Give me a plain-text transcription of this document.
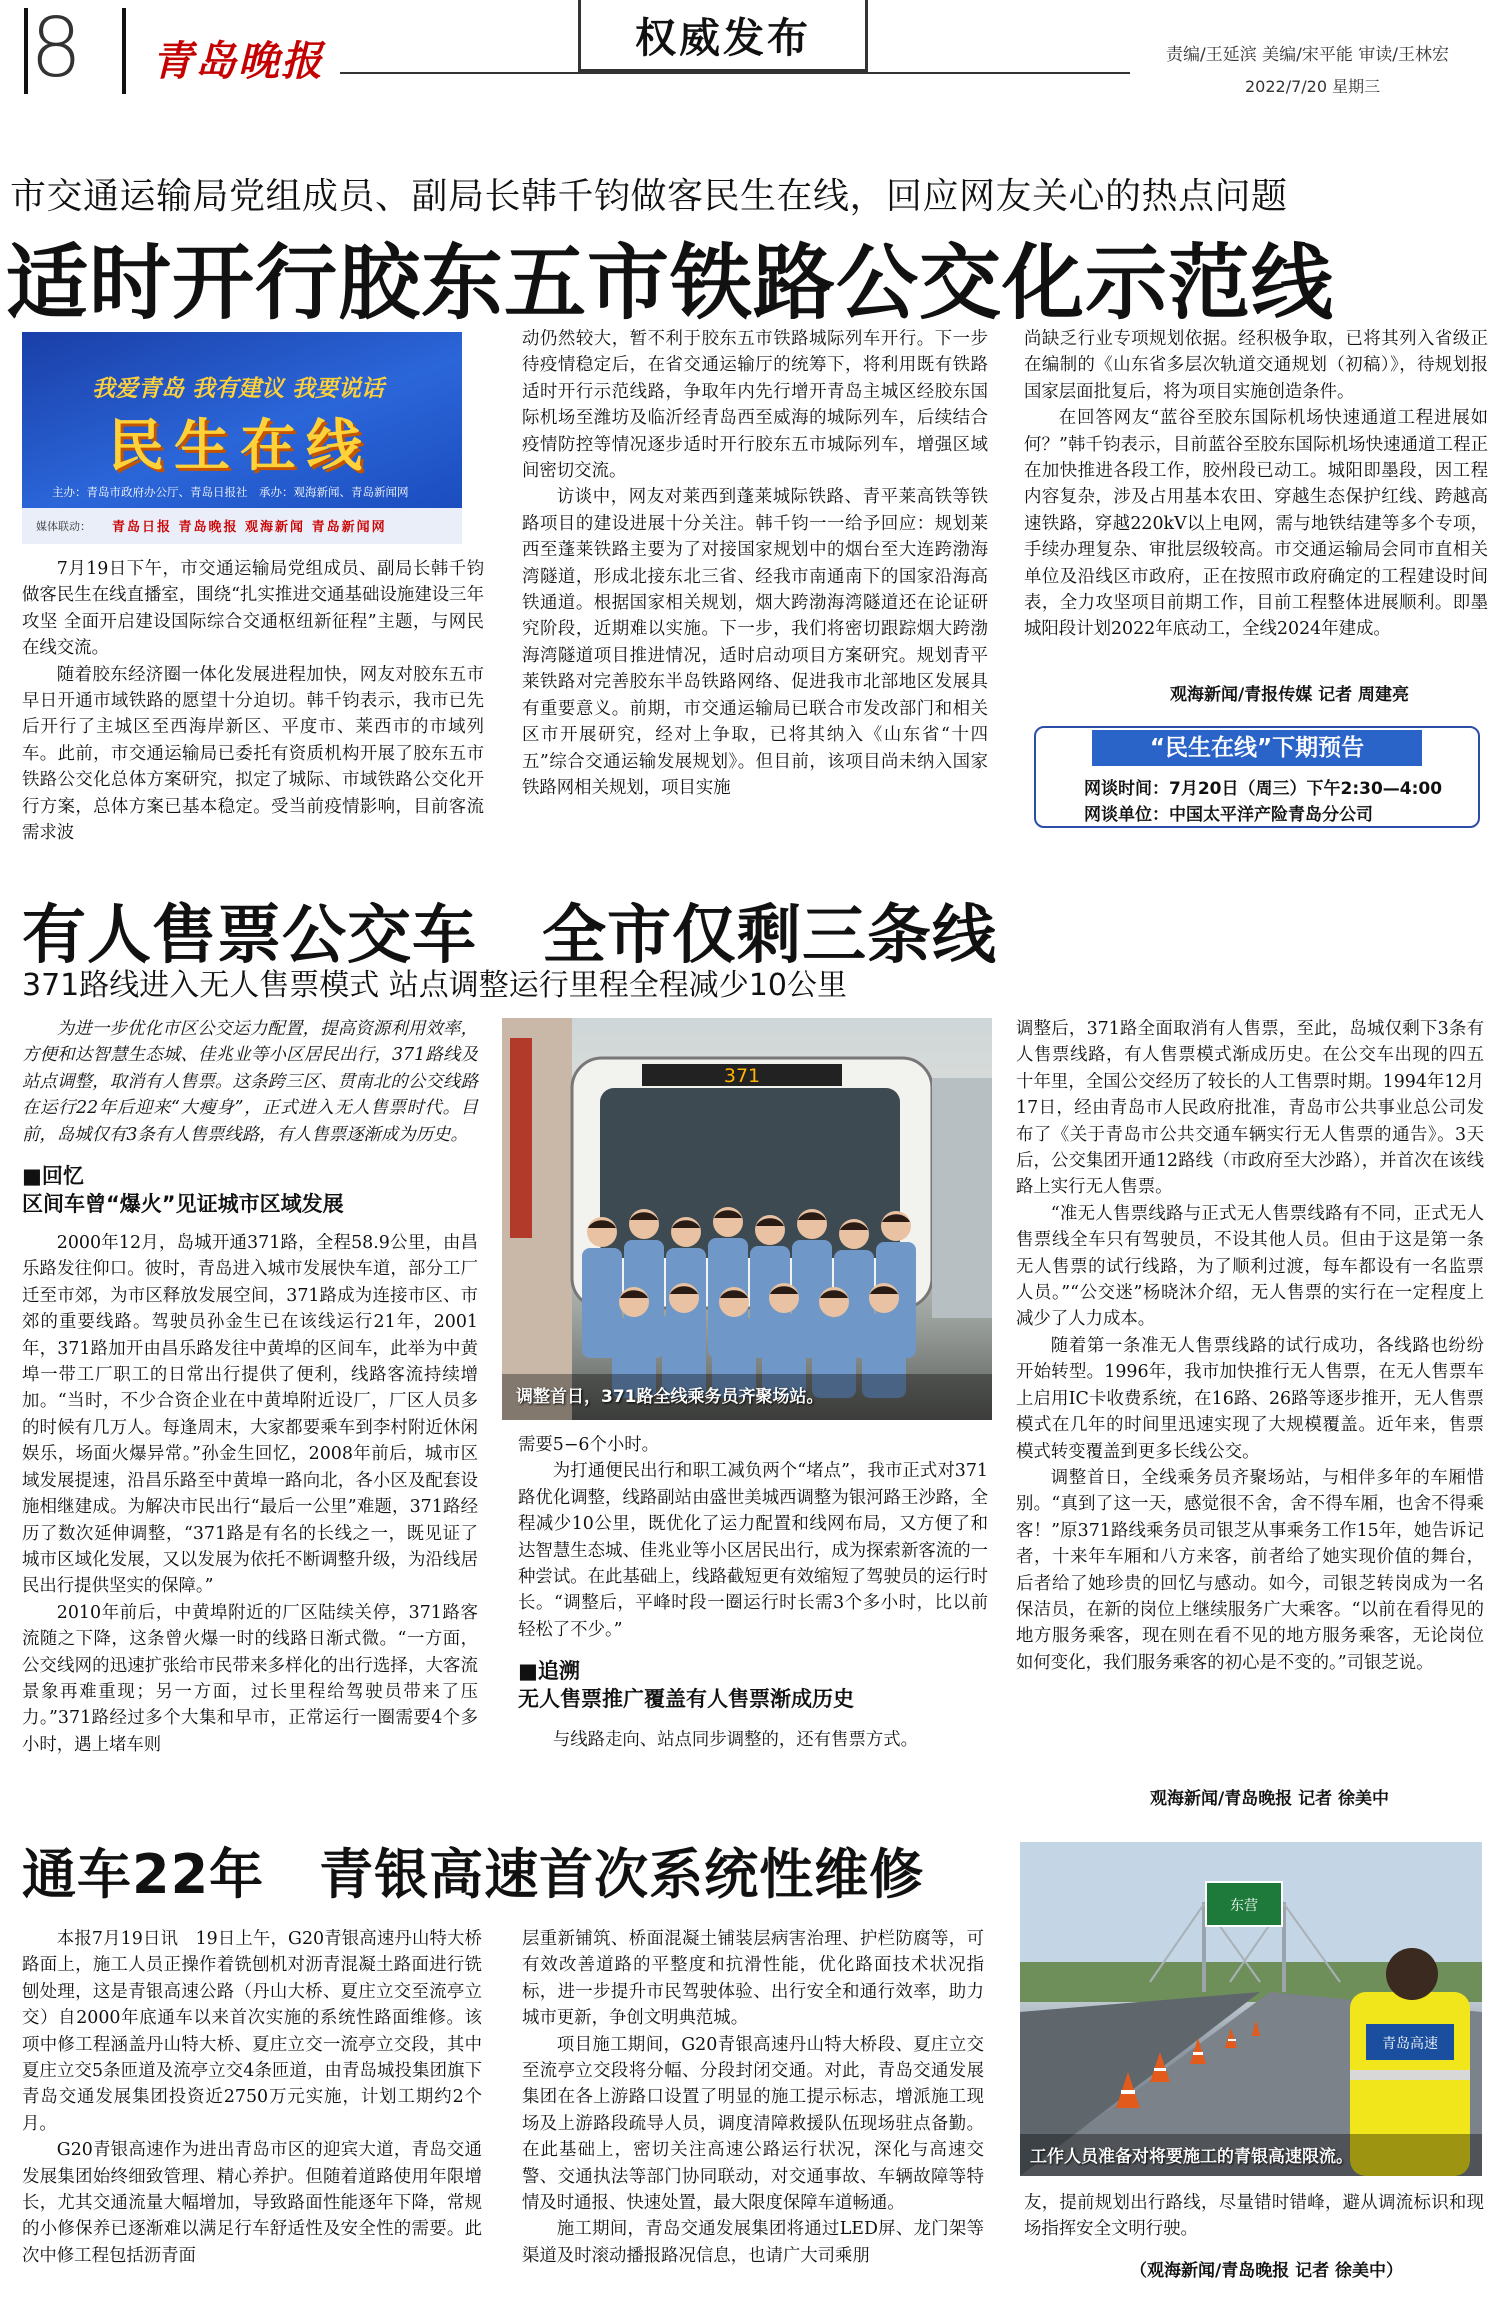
8 青岛晚报	权威发布	责编/王延滨 美编/宋平能 审读/王林宏
2022/7/20 星期三
市交通运输局党组成员、副局长韩千钧做客民生在线，回应网友关心的热点问题
适时开行胶东五市铁路公交化示范线
我爱青岛 我有建议 我要说话
民生在线
主办：青岛市政府办公厅、青岛日报社　承办：观海新闻、青岛新闻网
媒体联动： 青岛日报 青岛晚报 观海新闻 青岛新闻网

7月19日下午，市交通运输局党组成员、副局长韩千钧做客民生在线直播室，围绕“扎实推进交通基础设施建设三年攻坚 全面开启建设国际综合交通枢纽新征程”主题，与网民在线交流。

随着胶东经济圈一体化发展进程加快，网友对胶东五市早日开通市域铁路的愿望十分迫切。韩千钧表示，我市已先后开行了主城区至西海岸新区、平度市、莱西市的市域列车。此前，市交通运输局已委托有资质机构开展了胶东五市铁路公交化总体方案研究，拟定了城际、市域铁路公交化开行方案，总体方案已基本稳定。受当前疫情影响，目前客流需求波

动仍然较大，暂不利于胶东五市铁路城际列车开行。下一步待疫情稳定后，在省交通运输厅的统筹下，将利用既有铁路适时开行示范线路，争取年内先行增开青岛主城区经胶东国际机场至潍坊及临沂经青岛西至威海的城际列车，后续结合疫情防控等情况逐步适时开行胶东五市城际列车，增强区域间密切交流。

访谈中，网友对莱西到蓬莱城际铁路、青平莱高铁等铁路项目的建设进展十分关注。韩千钧一一给予回应：规划莱西至蓬莱铁路主要为了对接国家规划中的烟台至大连跨渤海湾隧道，形成北接东北三省、经我市南通南下的国家沿海高铁通道。根据国家相关规划，烟大跨渤海湾隧道还在论证研究阶段，近期难以实施。下一步，我们将密切跟踪烟大跨渤海湾隧道项目推进情况，适时启动项目方案研究。规划青平莱铁路对完善胶东半岛铁路网络、促进我市北部地区发展具有重要意义。前期，市交通运输局已联合市发改部门和相关区市开展研究，经对上争取，已将其纳入《山东省“十四五”综合交通运输发展规划》。但目前，该项目尚未纳入国家铁路网相关规划，项目实施

尚缺乏行业专项规划依据。经积极争取，已将其列入省级正在编制的《山东省多层次轨道交通规划（初稿）》，待规划报国家层面批复后，将为项目实施创造条件。

在回答网友“蓝谷至胶东国际机场快速通道工程进展如何？”韩千钧表示，目前蓝谷至胶东国际机场快速通道工程正在加快推进各段工作，胶州段已动工。城阳即墨段，因工程内容复杂，涉及占用基本农田、穿越生态保护红线、跨越高速铁路，穿越220kV以上电网，需与地铁结建等多个专项，手续办理复杂、审批层级较高。市交通运输局会同市直相关单位及沿线区市政府，正在按照市政府确定的工程建设时间表，全力攻坚项目前期工作，目前工程整体进展顺利。即墨城阳段计划2022年底动工，全线2024年建成。

观海新闻/青报传媒 记者 周建亮
“民生在线”下期预告
网谈时间：7月20日（周三）下午2:30—4:00
网谈单位：中国太平洋产险青岛分公司
有人售票公交车　全市仅剩三条线
371路线进入无人售票模式 站点调整运行里程全程减少10公里

为进一步优化市区公交运力配置，提高资源利用效率，方便和达智慧生态城、佳兆业等小区居民出行，371路线及站点调整，取消有人售票。这条跨三区、贯南北的公交线路在运行22年后迎来“大瘦身”，正式进入无人售票时代。目前，岛城仅有3条有人售票线路，有人售票逐渐成为历史。

■回忆

区间车曾“爆火”见证城市区域发展

2000年12月，岛城开通371路，全程58.9公里，由昌乐路发往仰口。彼时，青岛进入城市发展快车道，部分工厂迁至市郊，为市区释放发展空间，371路成为连接市区、市郊的重要线路。驾驶员孙金生已在该线运行21年，2001年，371路加开由昌乐路发往中黄埠的区间车，此举为中黄埠一带工厂职工的日常出行提供了便利，线路客流持续增加。“当时，不少合资企业在中黄埠附近设厂，厂区人员多的时候有几万人。每逢周末，大家都要乘车到李村附近休闲娱乐，场面火爆异常。”孙金生回忆，2008年前后，城市区域发展提速，沿昌乐路至中黄埠一路向北，各小区及配套设施相继建成。为解决市民出行“最后一公里”难题，371路经历了数次延伸调整，“371路是有名的长线之一，既见证了城市区域化发展，又以发展为依托不断调整升级，为沿线居民出行提供坚实的保障。”

2010年前后，中黄埠附近的厂区陆续关停，371路客流随之下降，这条曾火爆一时的线路日渐式微。“一方面，公交线网的迅速扩张给市民带来多样化的出行选择，大客流景象再难重现；另一方面，过长里程给驾驶员带来了压力。”371路经过多个大集和早市，正常运行一圈需要4个多小时，遇上堵车则

371
调整首日，371路全线乘务员齐聚场站。

需要5−6个小时。

为打通便民出行和职工减负两个“堵点”，我市正式对371路优化调整，线路副站由盛世美城西调整为银河路王沙路，全程减少10公里，既优化了运力配置和线网布局，又方便了和达智慧生态城、佳兆业等小区居民出行，成为探索新客流的一种尝试。在此基础上，线路截短更有效缩短了驾驶员的运行时长。“调整后，平峰时段一圈运行时长需3个多小时，比以前轻松了不少。”

■追溯

无人售票推广覆盖有人售票渐成历史

与线路走向、站点同步调整的，还有售票方式。

调整后，371路全面取消有人售票，至此，岛城仅剩下3条有人售票线路，有人售票模式渐成历史。在公交车出现的四五十年里，全国公交经历了较长的人工售票时期。1994年12月17日，经由青岛市人民政府批准，青岛市公共事业总公司发布了《关于青岛市公共交通车辆实行无人售票的通告》。3天后，公交集团开通12路线（市政府至大沙路），并首次在该线路上实行无人售票。

“准无人售票线路与正式无人售票线路有不同，正式无人售票线全车只有驾驶员，不设其他人员。但由于这是第一条无人售票的试行线路，为了顺利过渡，每车都设有一名监票人员。”“公交迷”杨晓沐介绍，无人售票的实行在一定程度上减少了人力成本。

随着第一条准无人售票线路的试行成功，各线路也纷纷开始转型。1996年，我市加快推行无人售票，在无人售票车上启用IC卡收费系统，在16路、26路等逐步推开，无人售票模式在几年的时间里迅速实现了大规模覆盖。近年来，售票模式转变覆盖到更多长线公交。

调整首日，全线乘务员齐聚场站，与相伴多年的车厢惜别。“真到了这一天，感觉很不舍，舍不得车厢，也舍不得乘客！”原371路线乘务员司银芝从事乘务工作15年，她告诉记者，十来年车厢和八方来客，前者给了她实现价值的舞台，后者给了她珍贵的回忆与感动。如今，司银芝转岗成为一名保洁员，在新的岗位上继续服务广大乘客。“以前在看得见的地方服务乘客，现在则在看不见的地方服务乘客，无论岗位如何变化，我们服务乘客的初心是不变的。”司银芝说。

观海新闻/青岛晚报 记者 徐美中
通车22年　青银高速首次系统性维修

本报7月19日讯　19日上午，G20青银高速丹山特大桥路面上，施工人员正操作着铣刨机对沥青混凝土路面进行铣刨处理，这是青银高速公路（丹山大桥、夏庄立交至流亭立交）自2000年底通车以来首次实施的系统性路面维修。该项中修工程涵盖丹山特大桥、夏庄立交一流亭立交段，其中夏庄立交5条匝道及流亭立交4条匝道，由青岛城投集团旗下青岛交通发展集团投资近2750万元实施，计划工期约2个月。

G20青银高速作为进出青岛市区的迎宾大道，青岛交通发展集团始终细致管理、精心养护。但随着道路使用年限增长，尤其交通流量大幅增加，导致路面性能逐年下降，常规的小修保养已逐渐难以满足行车舒适性及安全性的需要。此次中修工程包括沥青面

层重新铺筑、桥面混凝土铺装层病害治理、护栏防腐等，可有效改善道路的平整度和抗滑性能，优化路面技术状况指标，进一步提升市民驾驶体验、出行安全和通行效率，助力城市更新，争创文明典范城。

项目施工期间，G20青银高速丹山特大桥段、夏庄立交至流亭立交段将分幅、分段封闭交通。对此，青岛交通发展集团在各上游路口设置了明显的施工提示标志，增派施工现场及上游路段疏导人员，调度清障救援队伍现场驻点备勤。在此基础上，密切关注高速公路运行状况，深化与高速交警、交通执法等部门协同联动，对交通事故、车辆故障等特情及时通报、快速处置，最大限度保障车道畅通。

施工期间，青岛交通发展集团将通过LED屏、龙门架等渠道及时滚动播报路况信息，也请广大司乘朋

东营
青岛高速
工作人员准备对将要施工的青银高速限流。

友，提前规划出行路线，尽量错时错峰，避从调流标识和现场指挥安全文明行驶。

（观海新闻/青岛晚报 记者 徐美中）
